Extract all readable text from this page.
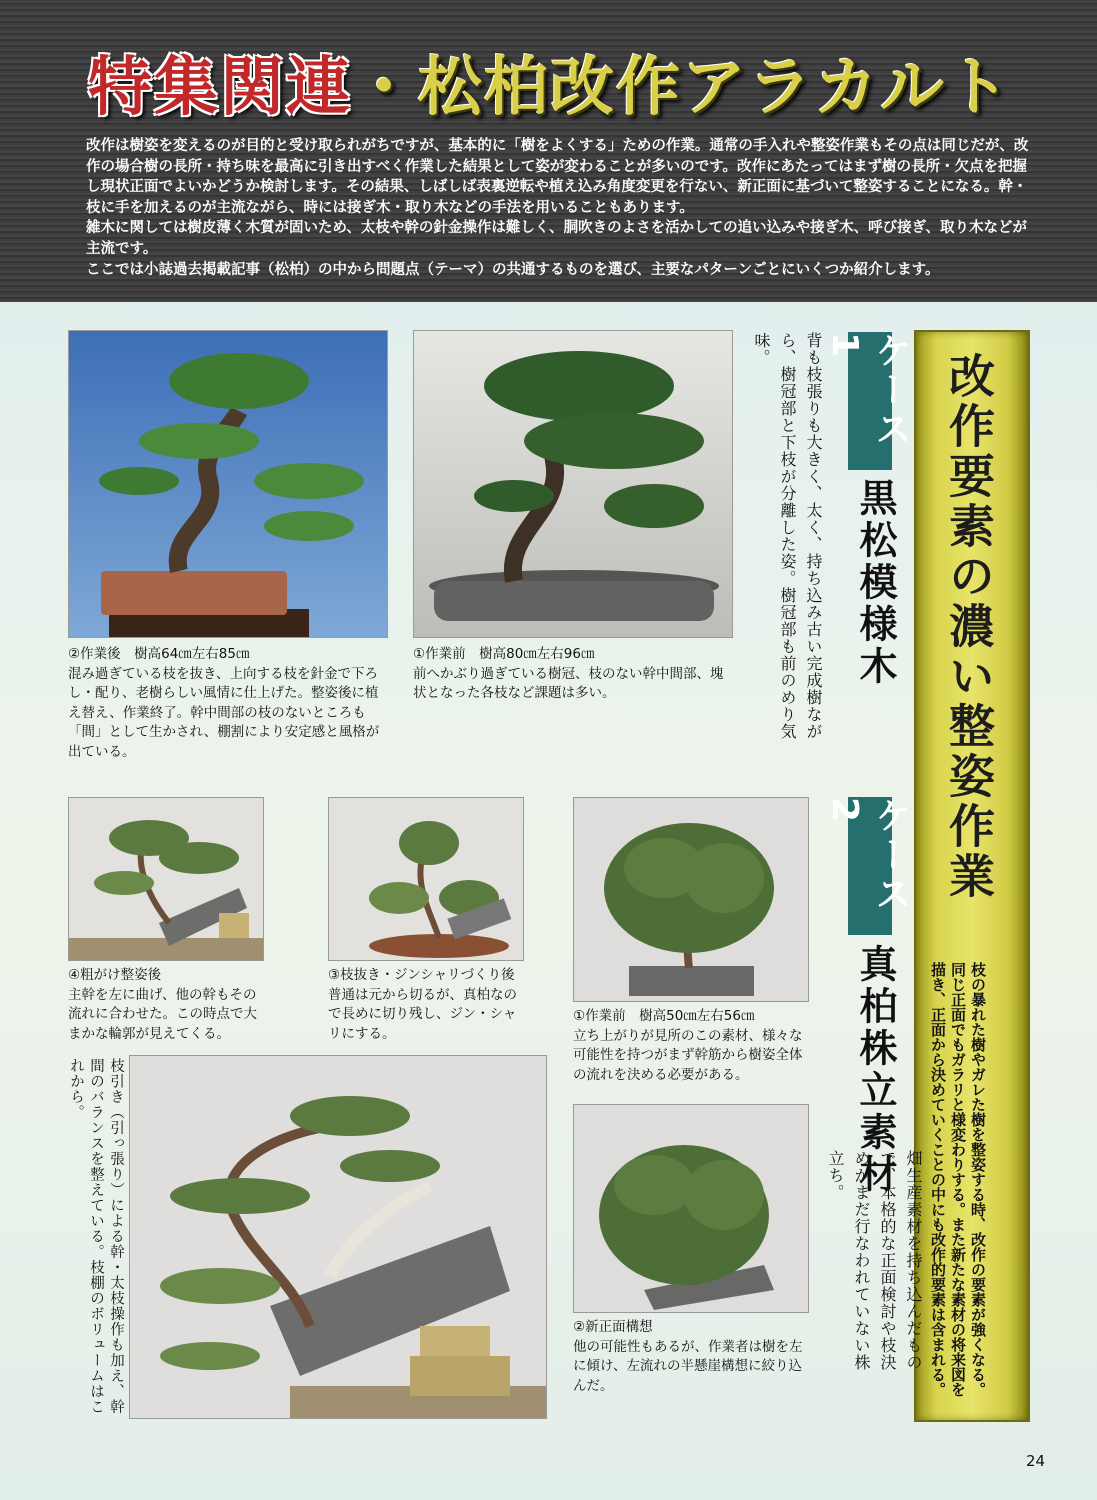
特集関連・松柏改作アラカルト

改作は樹姿を変えるのが目的と受け取られがちですが、基本的に「樹をよくする」ための作業。通常の手入れや整姿作業もその点は同じだが、改作の場合樹の長所・持ち味を最高に引き出すべく作業した結果として姿が変わることが多いのです。改作にあたってはまず樹の長所・欠点を把握し現状正面でよいかどうか検討します。その結果、しばしば表裏逆転や植え込み角度変更を行ない、新正面に基づいて整姿することになる。幹・枝に手を加えるのが主流ながら、時には接ぎ木・取り木などの手法を用いることもあります。

雑木に関しては樹皮薄く木質が固いため、太枝や幹の針金操作は難しく、胴吹きのよさを活かしての追い込みや接ぎ木、呼び接ぎ、取り木などが主流です。

ここでは小誌過去掲載記事（松柏）の中から問題点（テーマ）の共通するものを選び、主要なパターンごとにいくつか紹介します。

②作業後　樹高64㎝左右85㎝

混み過ぎている枝を抜き、上向する枝を針金で下ろし・配り、老樹らしい風情に仕上げた。整姿後に植え替え、作業終了。幹中間部の枝のないところも「間」として生かされ、棚割により安定感と風格が出ている。

①作業前　樹高80㎝左右96㎝

前へかぶり過ぎている樹冠、枝のない幹中間部、塊状となった各枝など課題は多い。	背も枝張りも大きく、太く、持ち込み古い完成樹ながら、樹冠部と下枝が分離した姿。樹冠部も前のめり気味。	ケース1
黒松模様木 改作要素の濃い整姿作業
枝の暴れた樹やガレた樹を整姿する時、改作の要素が強くなる。同じ正面でもガラリと様変わりする。また新たな素材の将来図を描き、正面から決めていくことの中にも改作的要素は含まれる。

④粗がけ整姿後

主幹を左に曲げ、他の幹もその流れに合わせた。この時点で大まかな輪郭が見えてくる。

③枝抜き・ジンシャリづくり後

普通は元から切るが、真柏なので長めに切り残し、ジン・シャリにする。

①作業前　樹高50㎝左右56㎝

立ち上がりが見所のこの素材、様々な可能性を持つがまず幹筋から樹姿全体の流れを決める必要がある。

ケース2
真柏株立素材
畑生産素材を持ち込んだもので、本格的な正面検討や枝決めがまだ行なわれていない株立ち。

枝引き（引っ張り）による幹・太枝操作も加え、幹間のバランスを整えている。枝棚のボリュームはこれから。

②新正面構想

他の可能性もあるが、作業者は樹を左に傾け、左流れの半懸崖構想に絞り込んだ。

24
